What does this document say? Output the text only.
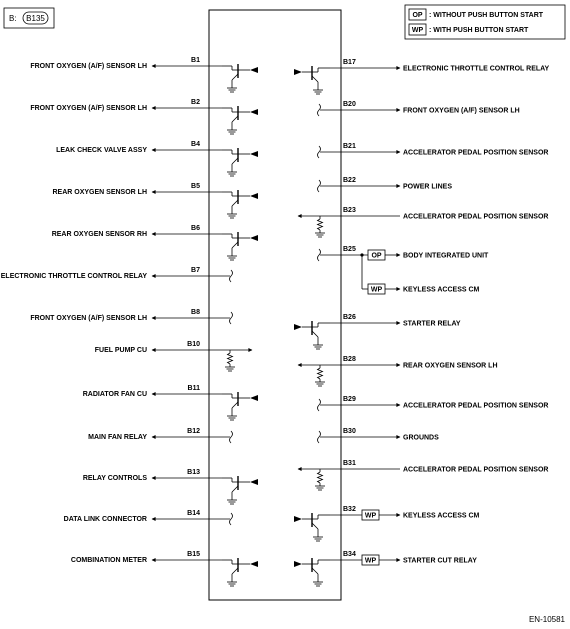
B: B135	OP : WITHOUT PUSH BUTTON START
WP : WITH PUSH BUTTON START
FRONT OXYGEN (A/F) SENSOR LH
B1
FRONT OXYGEN (A/F) SENSOR LH
B2
LEAK CHECK VALVE ASSY
B4
REAR OXYGEN SENSOR LH
B5
REAR OXYGEN SENSOR RH
B6
ELECTRONIC THROTTLE CONTROL RELAY
B7
FRONT OXYGEN (A/F) SENSOR LH
B8
FUEL PUMP CU
B10
RADIATOR FAN CU
B11
MAIN FAN RELAY
B12
RELAY CONTROLS
B13
DATA LINK CONNECTOR
B14
COMBINATION METER
B15
ELECTRONIC THROTTLE CONTROL RELAY
B17
FRONT OXYGEN (A/F) SENSOR LH
B20
ACCELERATOR PEDAL POSITION SENSOR
B21
POWER LINES
B22
ACCELERATOR PEDAL POSITION SENSOR
B23
BODY INTEGRATED UNIT
B25
OP
WP	KEYLESS ACCESS CM
STARTER RELAY
B26
REAR OXYGEN SENSOR LH
B28
ACCELERATOR PEDAL POSITION SENSOR
B29
GROUNDS
B30
ACCELERATOR PEDAL POSITION SENSOR
B31
KEYLESS ACCESS CM
B32
WP
STARTER CUT RELAY
B34
WP
EN-10581
